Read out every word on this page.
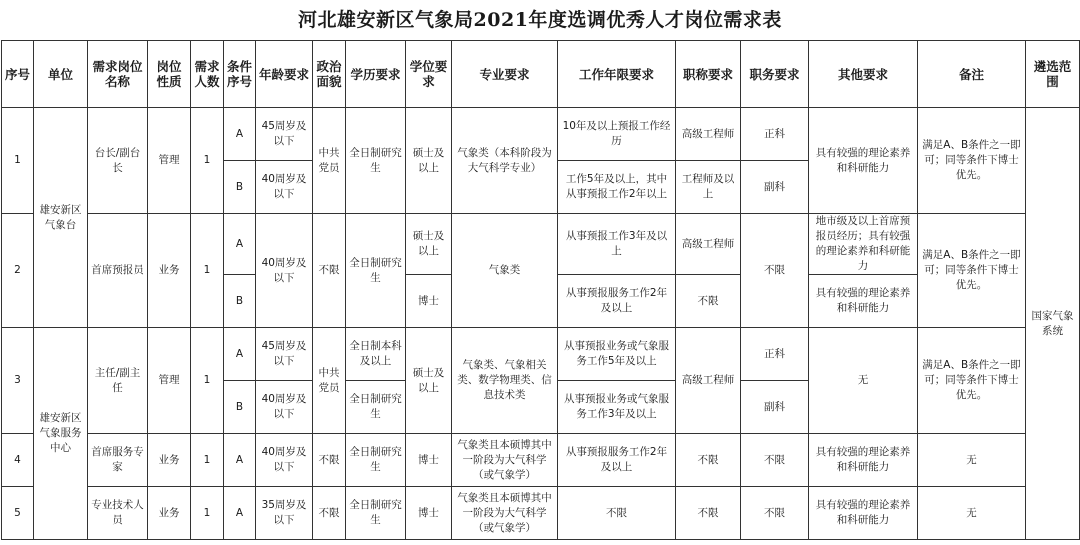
河北雄安新区气象局2021年度选调优秀人才岗位需求表
序号	单位	需求岗位名称	岗位性质	需求人数	条件序号	年龄要求	政治面貌	学历要求	学位要求	专业要求	工作年限要求	职称要求	职务要求	其他要求	备注	遴选范围
1	雄安新区气象台	台长/副台长	管理	1	A	45周岁及以下	中共党员	全日制研究生	硕士及以上	气象类（本科阶段为大气科学专业）	10年及以上预报工作经历	高级工程师	正科	具有较强的理论素养和科研能力	满足A、B条件之一即可；同等条件下博士优先。	国家气象系统
					B	40周岁及以下					工作5年及以上，其中从事预报工作2年以上	工程师及以上	副科			
2		首席预报员	业务	1	A	40周岁及以下	不限	全日制研究生	硕士及以上	气象类	从事预报工作3年及以上	高级工程师	不限	地市级及以上首席预报员经历；具有较强的理论素养和科研能力	满足A、B条件之一即可；同等条件下博士优先。	
					B				博士		从事预报服务工作2年及以上	不限		具有较强的理论素养和科研能力		
3	雄安新区气象服务中心	主任/副主任	管理	1	A	45周岁及以下	中共党员	全日制本科及以上	硕士及以上	气象类、气象相关类、数学物理类、信息技术类	从事预报业务或气象服务工作5年及以上	高级工程师	正科	无	满足A、B条件之一即可；同等条件下博士优先。	
					B	40周岁及以下		全日制研究生			从事预报业务或气象服务工作3年及以上		副科			
4		首席服务专家	业务	1	A	40周岁及以下	不限	全日制研究生	博士	气象类且本硕博其中一阶段为大气科学（或气象学）	从事预报服务工作2年及以上	不限	不限	具有较强的理论素养和科研能力	无	
5		专业技术人员	业务	1	A	35周岁及以下	不限	全日制研究生	博士	气象类且本硕博其中一阶段为大气科学（或气象学）	不限	不限	不限	具有较强的理论素养和科研能力	无	
